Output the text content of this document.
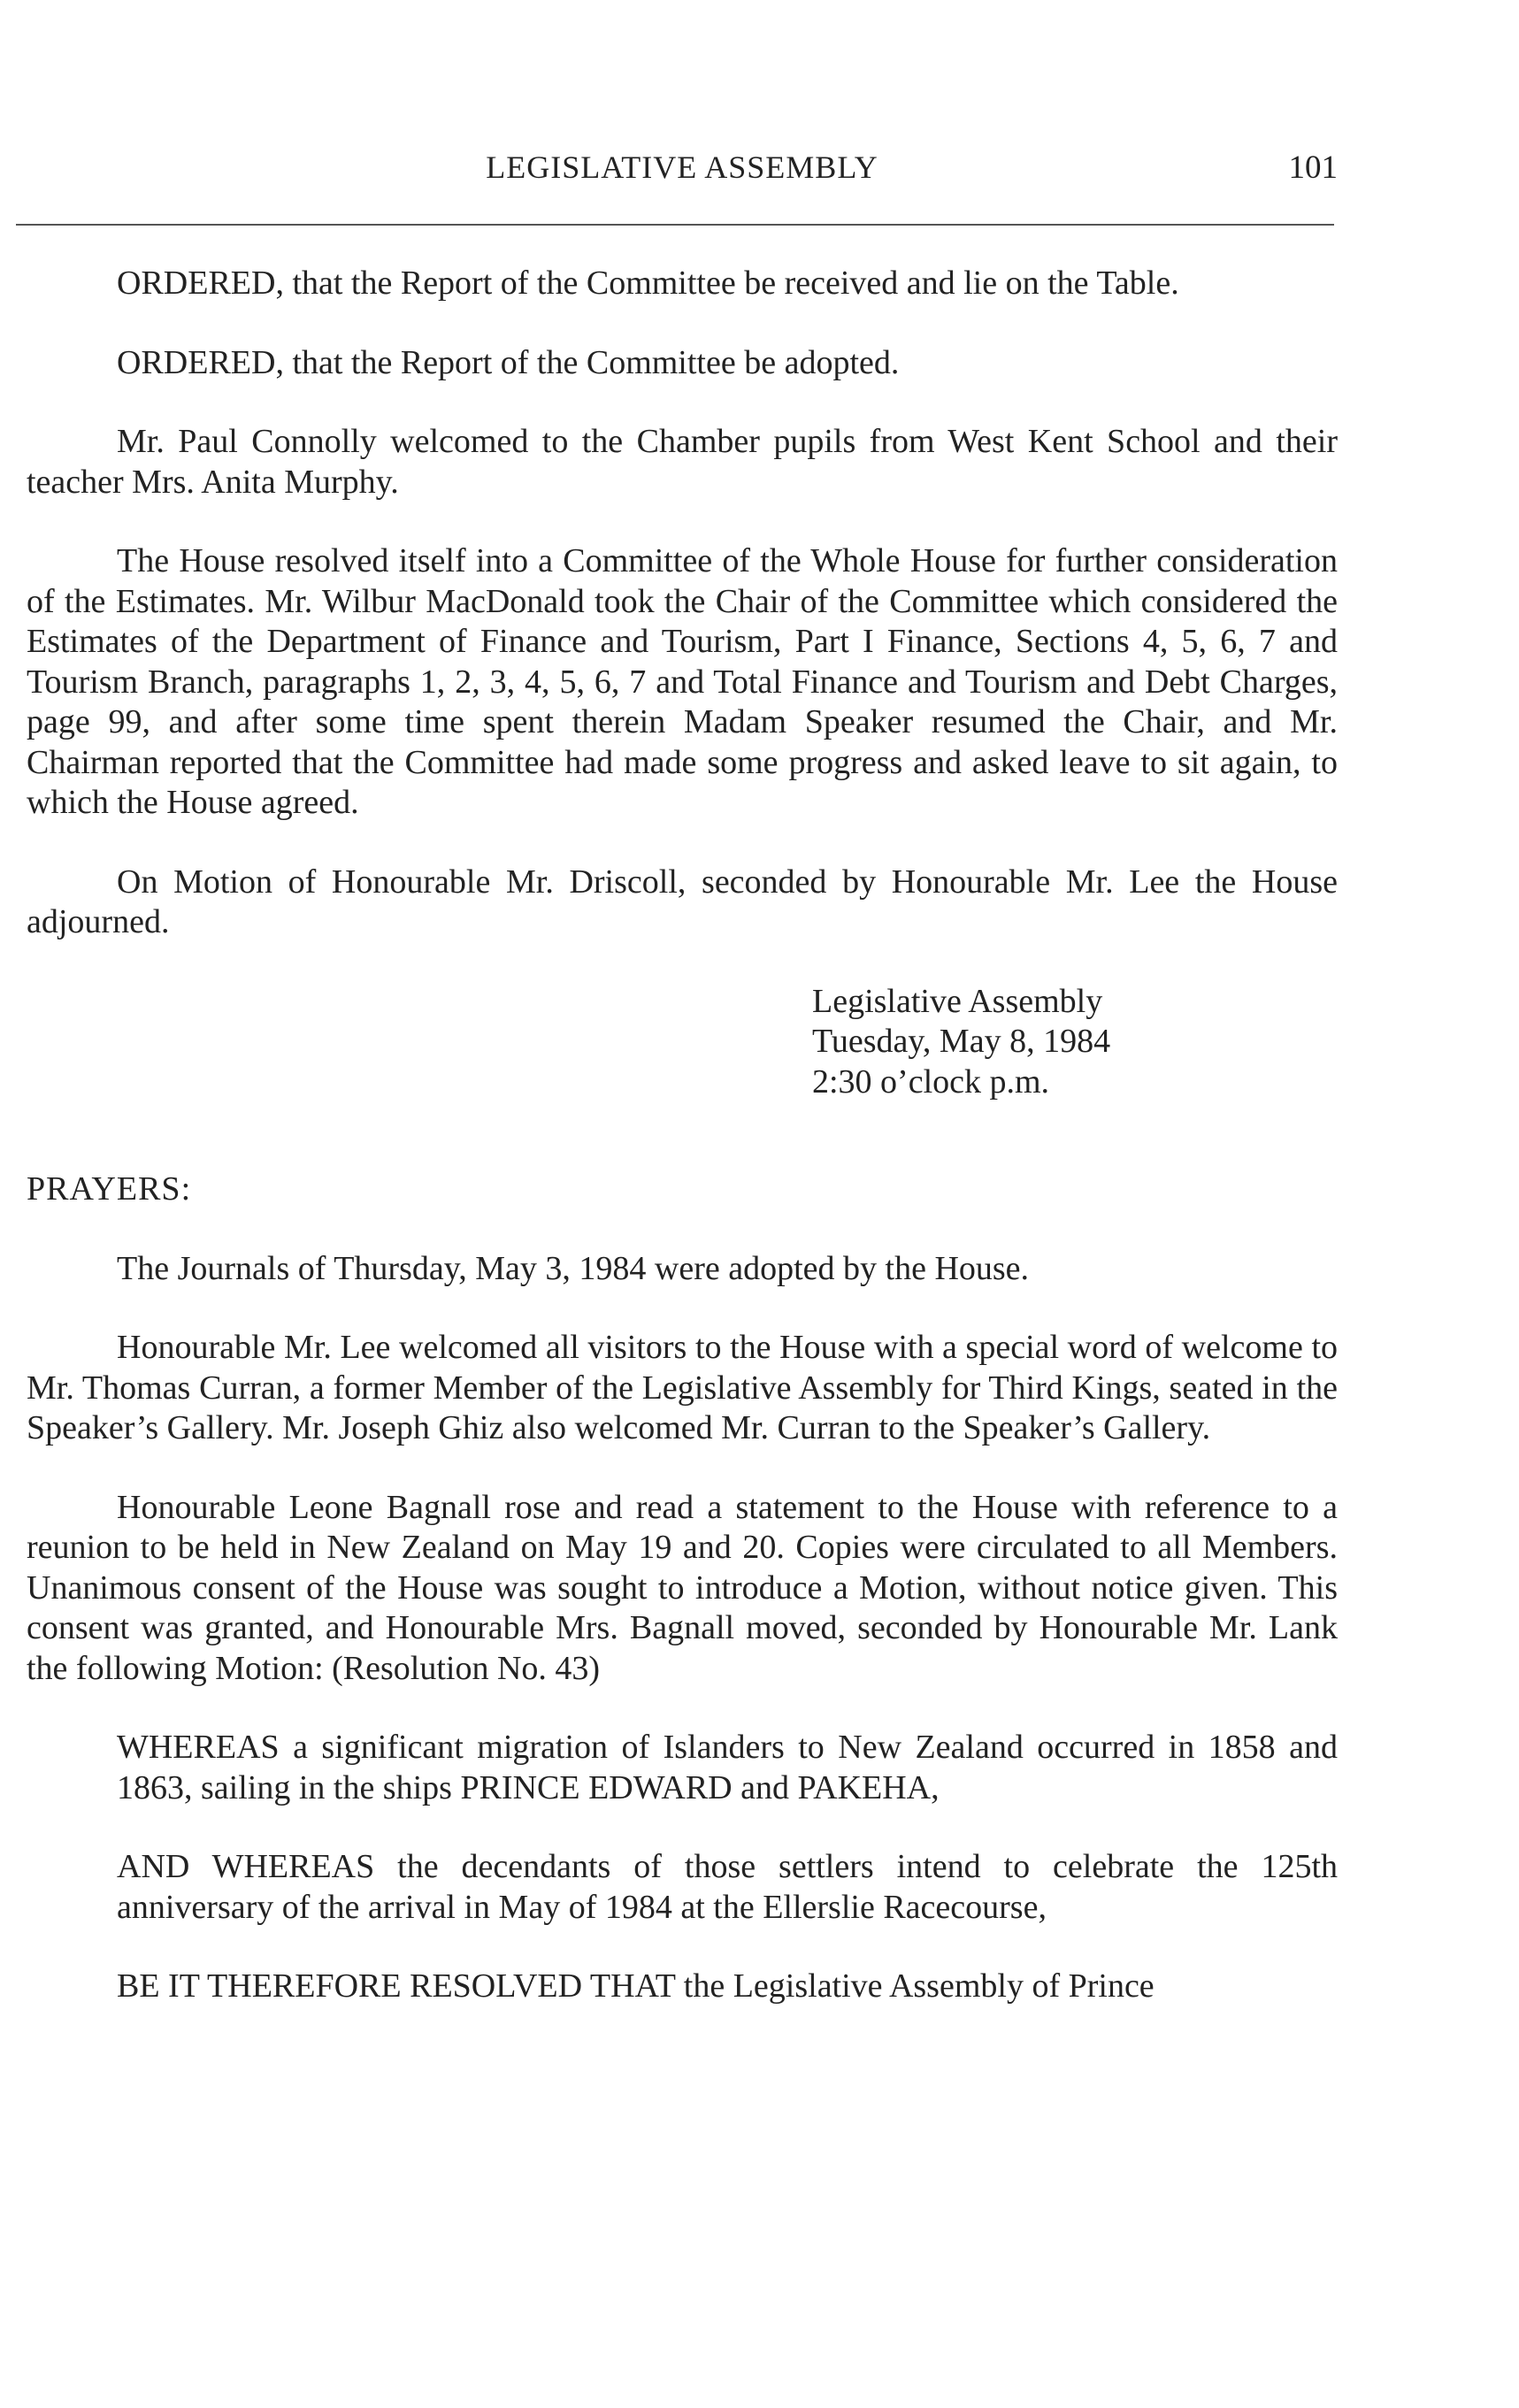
LEGISLATIVE ASSEMBLY	101

ORDERED, that the Report of the Committee be received and lie on the Table.

ORDERED, that the Report of the Committee be adopted.

Mr. Paul Connolly welcomed to the Chamber pupils from West Kent School and their teacher Mrs. Anita Murphy.

The House resolved itself into a Committee of the Whole House for further consideration of the Estimates. Mr. Wilbur MacDonald took the Chair of the Committee which considered the Estimates of the Department of Finance and Tourism, Part I Finance, Sections 4, 5, 6, 7 and Tourism Branch, paragraphs 1, 2, 3, 4, 5, 6, 7 and Total Finance and Tourism and Debt Charges, page 99, and after some time spent therein Madam Speaker resumed the Chair, and Mr. Chairman reported that the Committee had made some progress and asked leave to sit again, to which the House agreed.

On Motion of Honourable Mr. Driscoll, seconded by Honourable Mr. Lee the House adjourned.

Legislative Assembly
Tuesday, May 8, 1984
2:30 o’clock p.m.
PRAYERS:

The Journals of Thursday, May 3, 1984 were adopted by the House.

Honourable Mr. Lee welcomed all visitors to the House with a special word of welcome to Mr. Thomas Curran, a former Member of the Legislative Assembly for Third Kings, seated in the Speaker’s Gallery. Mr. Joseph Ghiz also welcomed Mr. Curran to the Speaker’s Gallery.

Honourable Leone Bagnall rose and read a statement to the House with reference to a reunion to be held in New Zealand on May 19 and 20. Copies were circulated to all Members. Unanimous consent of the House was sought to introduce a Motion, without notice given. This consent was granted, and Honourable Mrs. Bagnall moved, seconded by Honourable Mr. Lank the following Motion: (Resolution No. 43)

WHEREAS a significant migration of Islanders to New Zealand occurred in 1858 and 1863, sailing in the ships PRINCE EDWARD and PAKEHA,

AND WHEREAS the decendants of those settlers intend to celebrate the 125th anniversary of the arrival in May of 1984 at the Ellerslie Racecourse,

BE IT THEREFORE RESOLVED THAT the Legislative Assembly of Prince
